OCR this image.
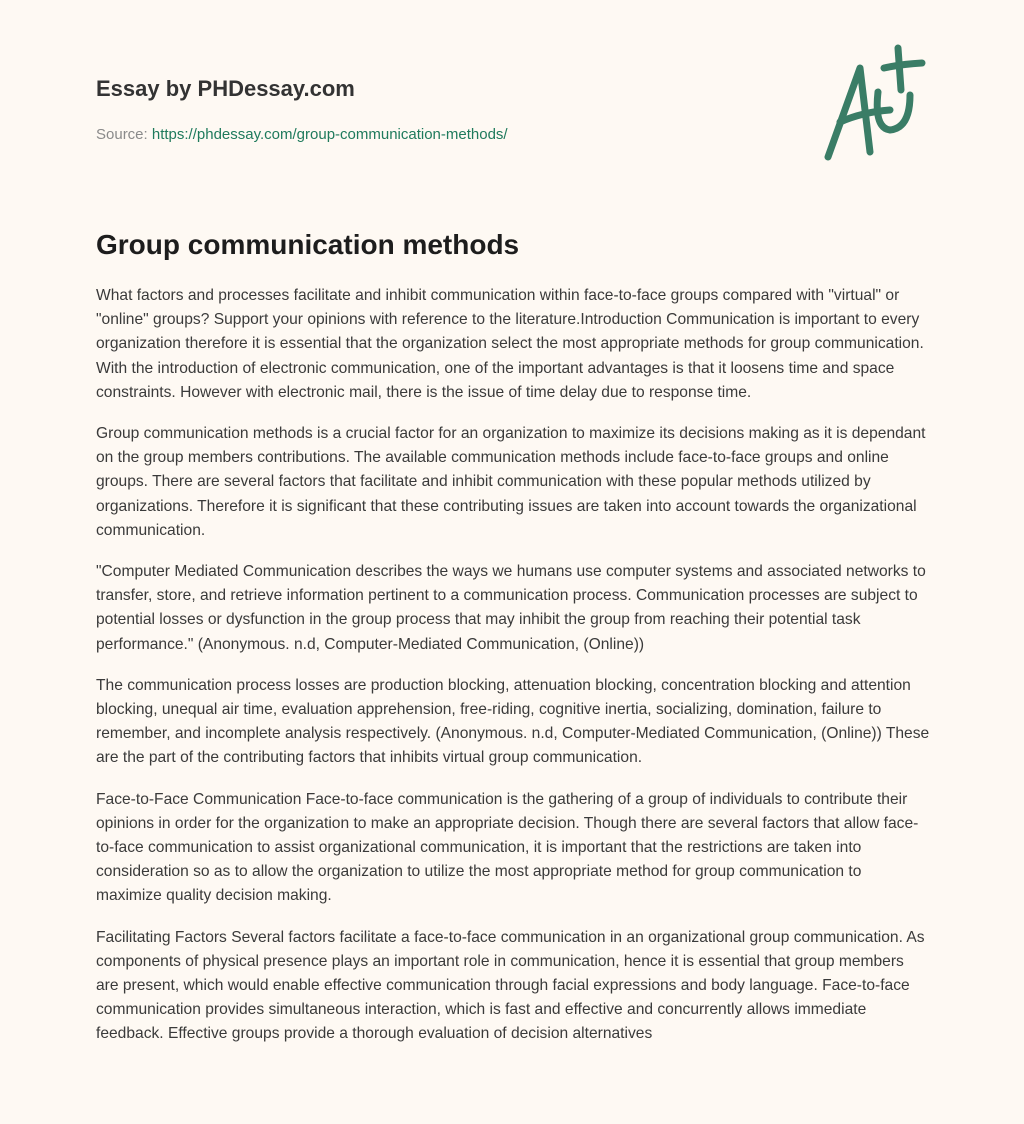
Essay by PHDessay.com
Source: https://phdessay.com/group-communication-methods/
Group communication methods

What factors and processes facilitate and inhibit communication within face-to-face groups compared with "virtual" or "online" groups? Support your opinions with reference to the literature.Introduction Communication is important to every organization therefore it is essential that the organization select the most appropriate methods for group communication. With the introduction of electronic communication, one of the important advantages is that it loosens time and space constraints. However with electronic mail, there is the issue of time delay due to response time.

Group communication methods is a crucial factor for an organization to maximize its decisions making as it is dependant on the group members contributions. The available communication methods include face-to-face groups and online groups. There are several factors that facilitate and inhibit communication with these popular methods utilized by organizations. Therefore it is significant that these contributing issues are taken into account towards the organizational communication.

"Computer Mediated Communication describes the ways we humans use computer systems and associated networks to transfer, store, and retrieve information pertinent to a communication process. Communication processes are subject to potential losses or dysfunction in the group process that may inhibit the group from reaching their potential task performance." (Anonymous. n.d, Computer-Mediated Communication, (Online))

The communication process losses are production blocking, attenuation blocking, concentration blocking and attention blocking, unequal air time, evaluation apprehension, free-riding, cognitive inertia, socializing, domination, failure to remember, and incomplete analysis respectively. (Anonymous. n.d, Computer-Mediated Communication, (Online)) These are the part of the contributing factors that inhibits virtual group communication.

Face-to-Face Communication Face-to-face communication is the gathering of a group of individuals to contribute their opinions in order for the organization to make an appropriate decision. Though there are several factors that allow face-to-face communication to assist organizational communication, it is important that the restrictions are taken into consideration so as to allow the organization to utilize the most appropriate method for group communication to maximize quality decision making.

Facilitating Factors Several factors facilitate a face-to-face communication in an organizational group communication. As components of physical presence plays an important role in communication, hence it is essential that group members are present, which would enable effective communication through facial expressions and body language. Face-to-face communication provides simultaneous interaction, which is fast and effective and concurrently allows immediate feedback. Effective groups provide a thorough evaluation of decision alternatives
